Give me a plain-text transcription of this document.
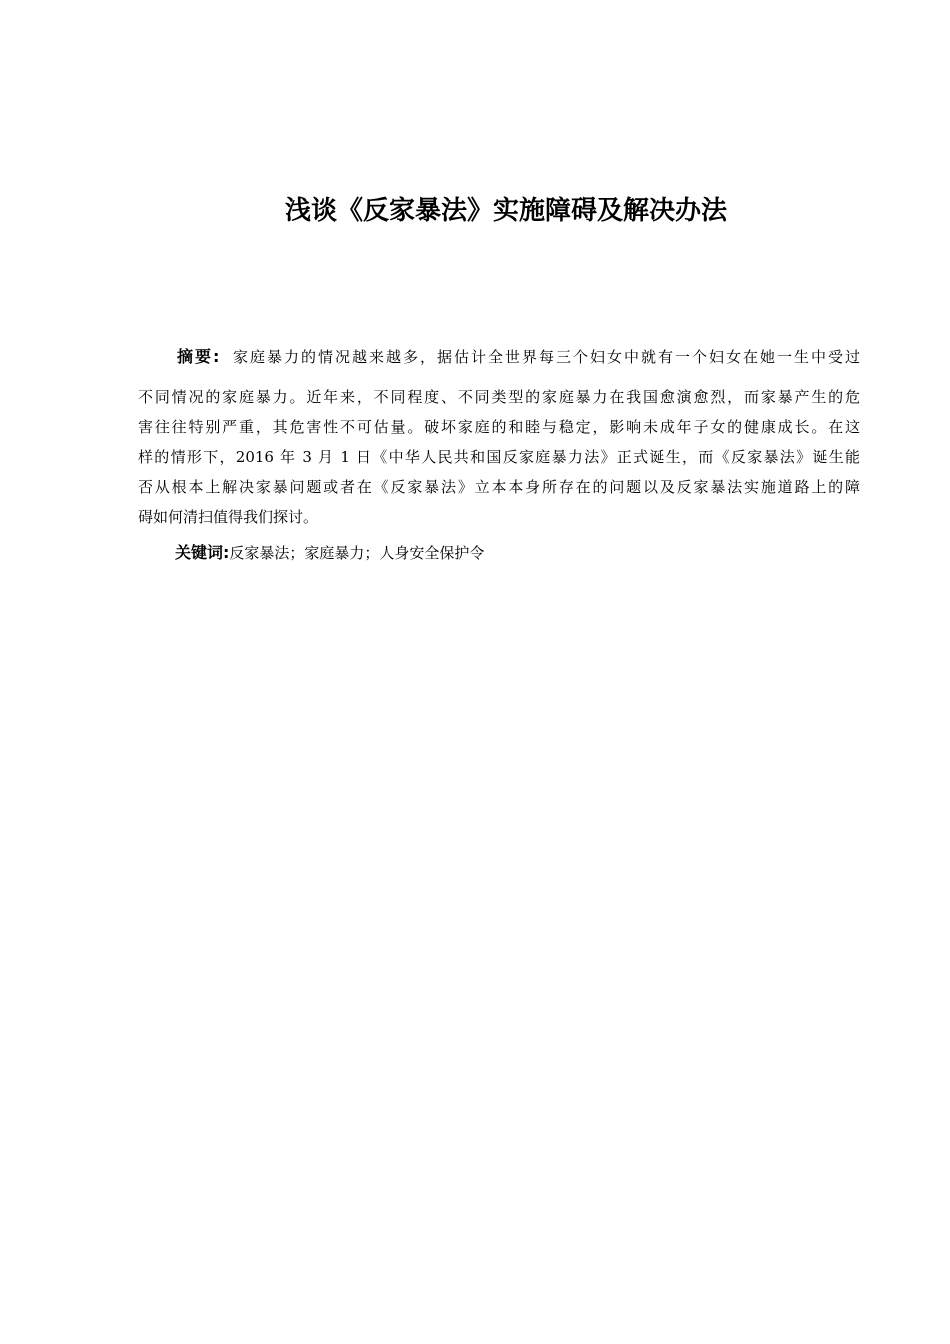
浅谈《反家暴法》实施障碍及解决办法
摘要: 家庭暴力的情况越来越多，据估计全世界每三个妇女中就有一个妇女在她一生中受过
不同情况的家庭暴力。近年来，不同程度、不同类型的家庭暴力在我国愈演愈烈，而家暴产生的危
害往往特别严重，其危害性不可估量。破坏家庭的和睦与稳定，影响未成年子女的健康成长。在这
样的情形下，2016 年 3 月 1 日《中华人民共和国反家庭暴力法》正式诞生，而《反家暴法》诞生能
否从根本上解决家暴问题或者在《反家暴法》立本本身所存在的问题以及反家暴法实施道路上的障
碍如何清扫值得我们探讨。
关键词:反家暴法；家庭暴力；人身安全保护令
